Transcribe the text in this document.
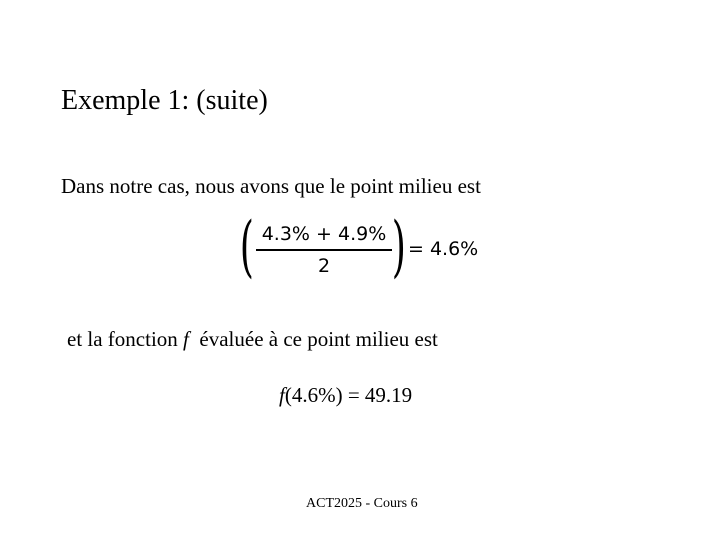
Exemple 1: (suite)
Dans notre cas, nous avons que le point milieu est
( 4.3% + 4.9%
2 ) = 4.6%
et la fonction f  évaluée à ce point milieu est
f(4.6%) = 49.19
ACT2025 - Cours 6
